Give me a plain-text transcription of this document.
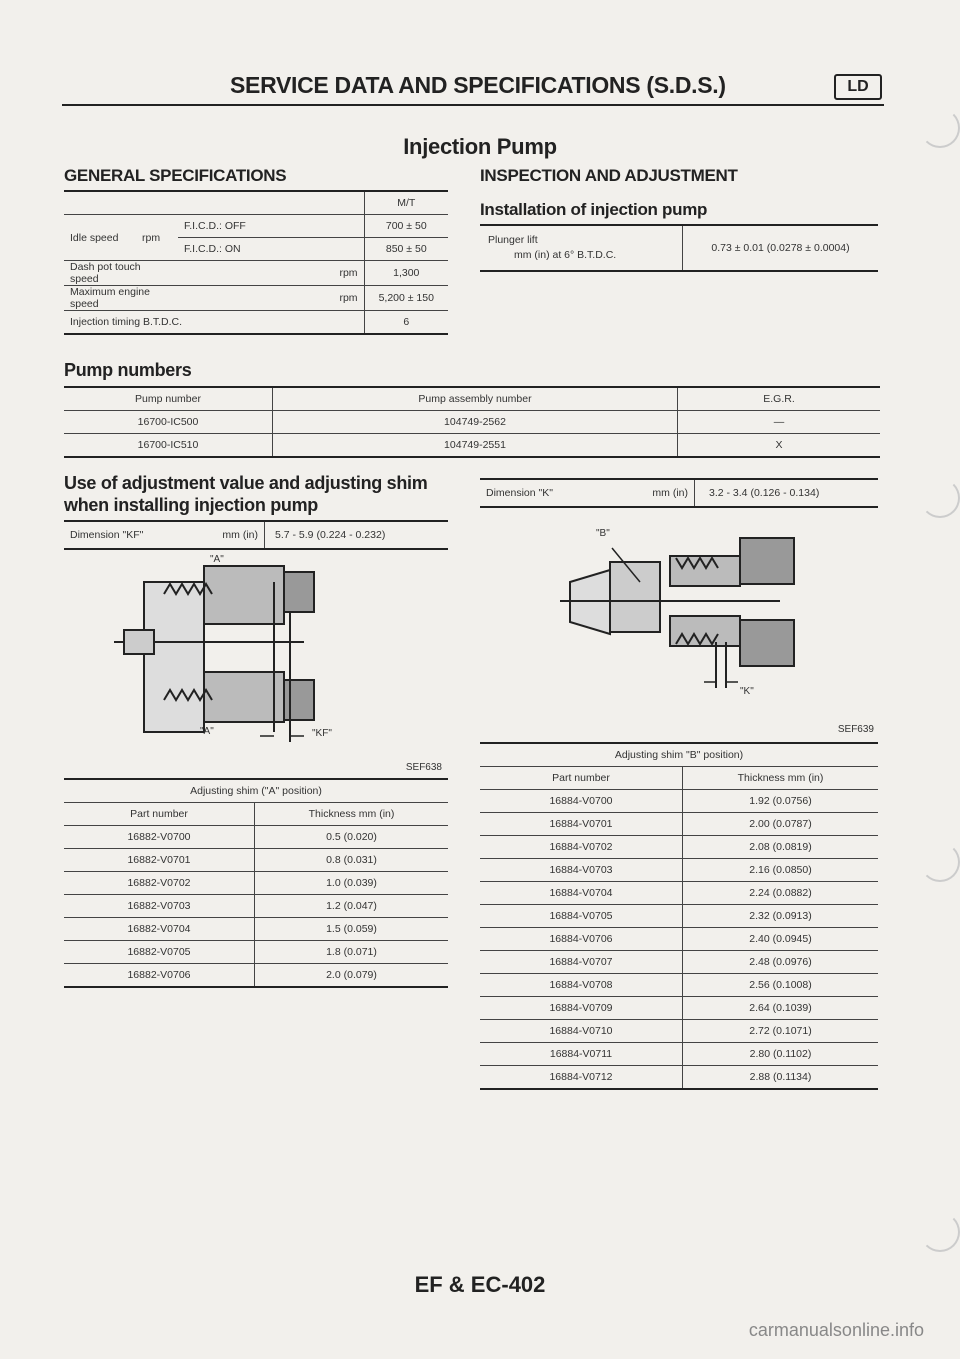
SERVICE DATA AND SPECIFICATIONS (S.D.S.)	LD
Injection Pump
GENERAL SPECIFICATIONS
			M/T
Idle speed	rpm	F.I.C.D.: OFF	700 ± 50
		F.I.C.D.: ON	850 ± 50
Dash pot touch speed		rpm	1,300
Maximum engine speed		rpm	5,200 ± 150
Injection timing B.T.D.C.			6
INSPECTION AND ADJUSTMENT
Installation of injection pump
Plunger lift
mm (in) at 6° B.T.D.C.
	0.73 ± 0.01 (0.0278 ± 0.0004)
Pump numbers
Pump number	Pump assembly number	E.G.R.
16700-IC500	104749-2562	—
16700-IC510	104749-2551	X
Use of adjustment value and adjusting shim
when installing injection pump
Dimension "KF"	mm (in)	5.7 - 5.9 (0.224 - 0.232)
"A"
"A"	"KF"
SEF638
Adjusting shim ("A" position)	
Part number	Thickness mm (in)
16882-V0700	0.5 (0.020)
16882-V0701	0.8 (0.031)
16882-V0702	1.0 (0.039)
16882-V0703	1.2 (0.047)
16882-V0704	1.5 (0.059)
16882-V0705	1.8 (0.071)
16882-V0706	2.0 (0.079)
Dimension "K"	mm (in)	3.2 - 3.4 (0.126 - 0.134)
"B"
"K"
SEF639
Adjusting shim "B" position)	
Part number	Thickness mm (in)
16884-V0700	1.92 (0.0756)
16884-V0701	2.00 (0.0787)
16884-V0702	2.08 (0.0819)
16884-V0703	2.16 (0.0850)
16884-V0704	2.24 (0.0882)
16884-V0705	2.32 (0.0913)
16884-V0706	2.40 (0.0945)
16884-V0707	2.48 (0.0976)
16884-V0708	2.56 (0.1008)
16884-V0709	2.64 (0.1039)
16884-V0710	2.72 (0.1071)
16884-V0711	2.80 (0.1102)
16884-V0712	2.88 (0.1134)
EF & EC-402
carmanualsonline.info
